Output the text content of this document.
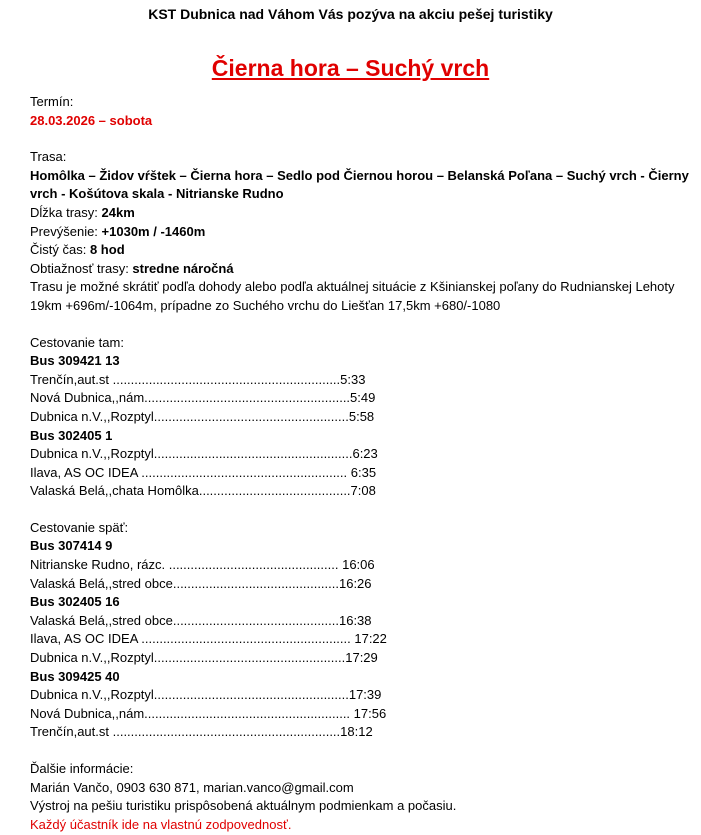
KST Dubnica nad Váhom Vás pozýva na akciu pešej turistiky
Čierna hora – Suchý vrch
Termín:
28.03.2026 – sobota
Trasa:
Homôlka – Židov vŕštek – Čierna hora – Sedlo pod Čiernou horou – Belanská Poľana – Suchý vrch - Čierny vrch - Košútova skala - Nitrianske Rudno
Dĺžka trasy: 24km
Prevýšenie: +1030m / -1460m
Čistý čas: 8 hod
Obtiažnosť trasy: stredne náročná
Trasu je možné skrátiť podľa dohody alebo podľa aktuálnej situácie z Kšinianskej poľany do Rudnianskej Lehoty 19km +696m/-1064m, prípadne zo Suchého vrchu do Liešťan 17,5km +680/-1080
Cestovanie tam:
Bus 309421 13
Trenčín,aut.st ...............................................................5:33
Nová Dubnica,,nám.........................................................5:49
Dubnica n.V.,,Rozptyl......................................................5:58
Bus 302405 1
Dubnica n.V.,,Rozptyl.......................................................6:23
Ilava, AS OC IDEA ......................................................... 6:35
Valaská Belá,,chata Homôlka..........................................7:08
Cestovanie späť:
Bus 307414 9
Nitrianske Rudno, rázc. ............................................... 16:06
Valaská Belá,,stred obce..............................................16:26
Bus 302405 16
Valaská Belá,,stred obce..............................................16:38
Ilava, AS OC IDEA .......................................................... 17:22
Dubnica n.V.,,Rozptyl.....................................................17:29
Bus 309425 40
Dubnica n.V.,,Rozptyl......................................................17:39
Nová Dubnica,,nám......................................................... 17:56
Trenčín,aut.st ...............................................................18:12
Ďalšie informácie:
Marián Vančo, 0903 630 871, marian.vanco@gmail.com
Výstroj na pešiu turistiku prispôsobená aktuálnym podmienkam a počasiu.
Každý účastník ide na vlastnú zodpovednosť.
